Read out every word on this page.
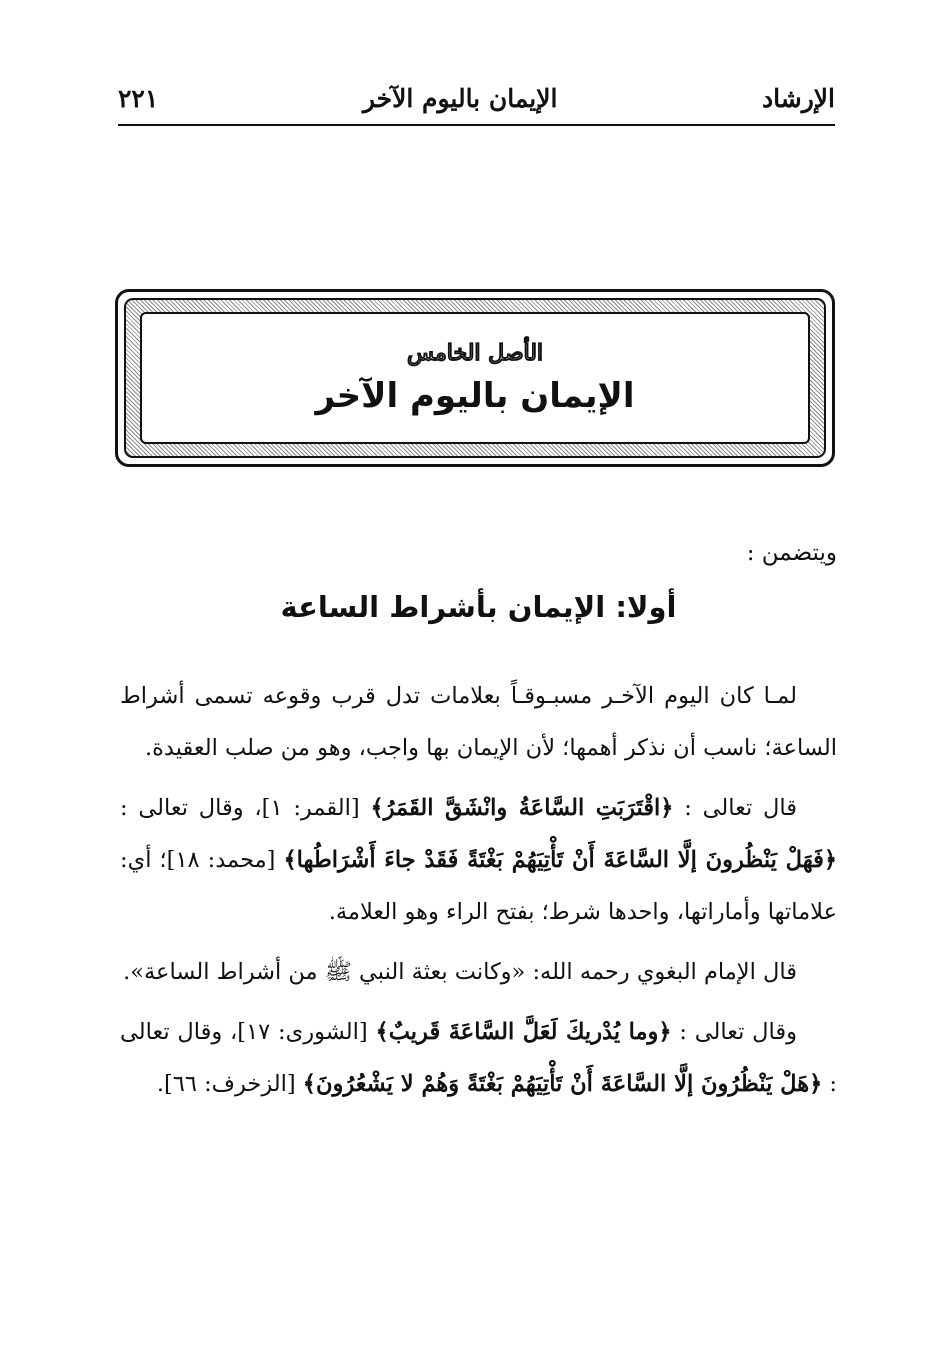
الإرشاد
الإيمان باليوم الآخر
٢٢١
الأصل الخامس
الإيمان باليوم الآخر
ويتضمن :
أولا: الإيمان بأشراط الساعة

لمـا كان اليوم الآخـر مسبـوقـاً بعلامات تدل قرب وقوعه تسمى أشراط الساعة؛ ناسب أن نذكر أهمها؛ لأن الإيمان بها واجب، وهو من صلب العقيدة.

قال تعالى : ﴿اقْتَرَبَتِ السَّاعَةُ وانْشَقَّ القَمَرُ﴾ [القمر: ١]، وقال تعالى : ﴿فَهَلْ يَنْظُرونَ إلَّا السَّاعَةَ أَنْ تَأْتِيَهُمْ بَغْتَةً فَقَدْ جاءَ أَشْرَاطُها﴾ [محمد: ١٨]؛ أي: علاماتها وأماراتها، واحدها شرط؛ بفتح الراء وهو العلامة.

قال الإمام البغوي رحمه الله: «وكانت بعثة النبي ﷺ من أشراط الساعة».

وقال تعالى : ﴿وما يُدْريكَ لَعَلَّ السَّاعَةَ قَريبٌ﴾ [الشورى: ١٧]، وقال تعالى : ﴿هَلْ يَنْظُرُونَ إلَّا السَّاعَةَ أَنْ تَأْتِيَهُمْ بَغْتَةً وَهُمْ لا يَشْعُرُونَ﴾ [الزخرف: ٦٦].
